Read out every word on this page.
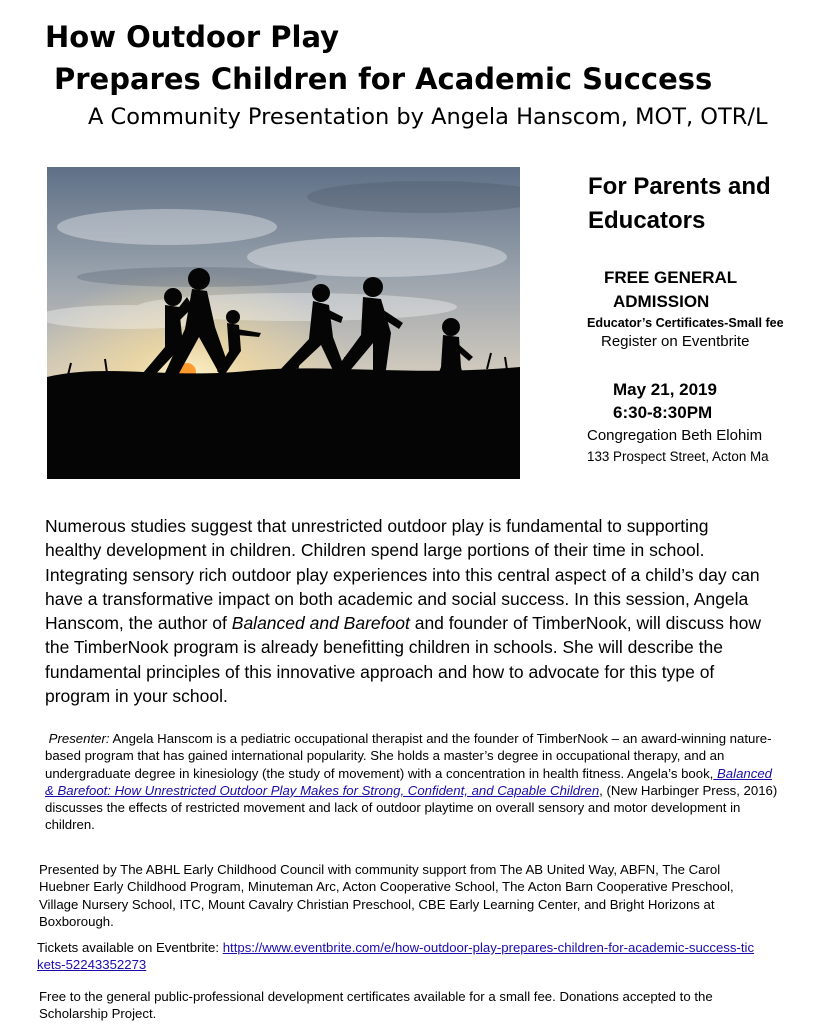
How Outdoor Play
Prepares Children for Academic Success
A Community Presentation by Angela Hanscom, MOT, OTR/L
For Parents and
Educators
FREE GENERAL
ADMISSION
Educator’s Certificates-Small fee
Register on Eventbrite
May 21, 2019
6:30-8:30PM
Congregation Beth Elohim
133 Prospect Street, Acton Ma
Numerous studies suggest that unrestricted outdoor play is fundamental to supporting healthy development in children. Children spend large portions of their time in school. Integrating sensory rich outdoor play experiences into this central aspect of a child’s day can have a transformative impact on both academic and social success. In this session, Angela Hanscom, the author of Balanced and Barefoot and founder of TimberNook, will discuss how the TimberNook program is already benefitting children in schools. She will describe the fundamental principles of this innovative approach and how to advocate for this type of program in your school.
Presenter: Angela Hanscom is a pediatric occupational therapist and the founder of TimberNook – an award-winning nature-based program that has gained international popularity. She holds a master’s degree in occupational therapy, and an undergraduate degree in kinesiology (the study of movement) with a concentration in health fitness. Angela’s book, Balanced & Barefoot: How Unrestricted Outdoor Play Makes for Strong, Confident, and Capable Children, (New Harbinger Press, 2016) discusses the effects of restricted movement and lack of outdoor playtime on overall sensory and motor development in children.
Presented by The ABHL Early Childhood Council with community support from The AB United Way, ABFN, The Carol Huebner Early Childhood Program, Minuteman Arc, Acton Cooperative School, The Acton Barn Cooperative Preschool, Village Nursery School, ITC, Mount Cavalry Christian Preschool, CBE Early Learning Center, and Bright Horizons at Boxborough.
Tickets available on Eventbrite: https://www.eventbrite.com/e/how-outdoor-play-prepares-children-for-academic-success-tickets-52243352273
Free to the general public-professional development certificates available for a small fee. Donations accepted to the Scholarship Project.
